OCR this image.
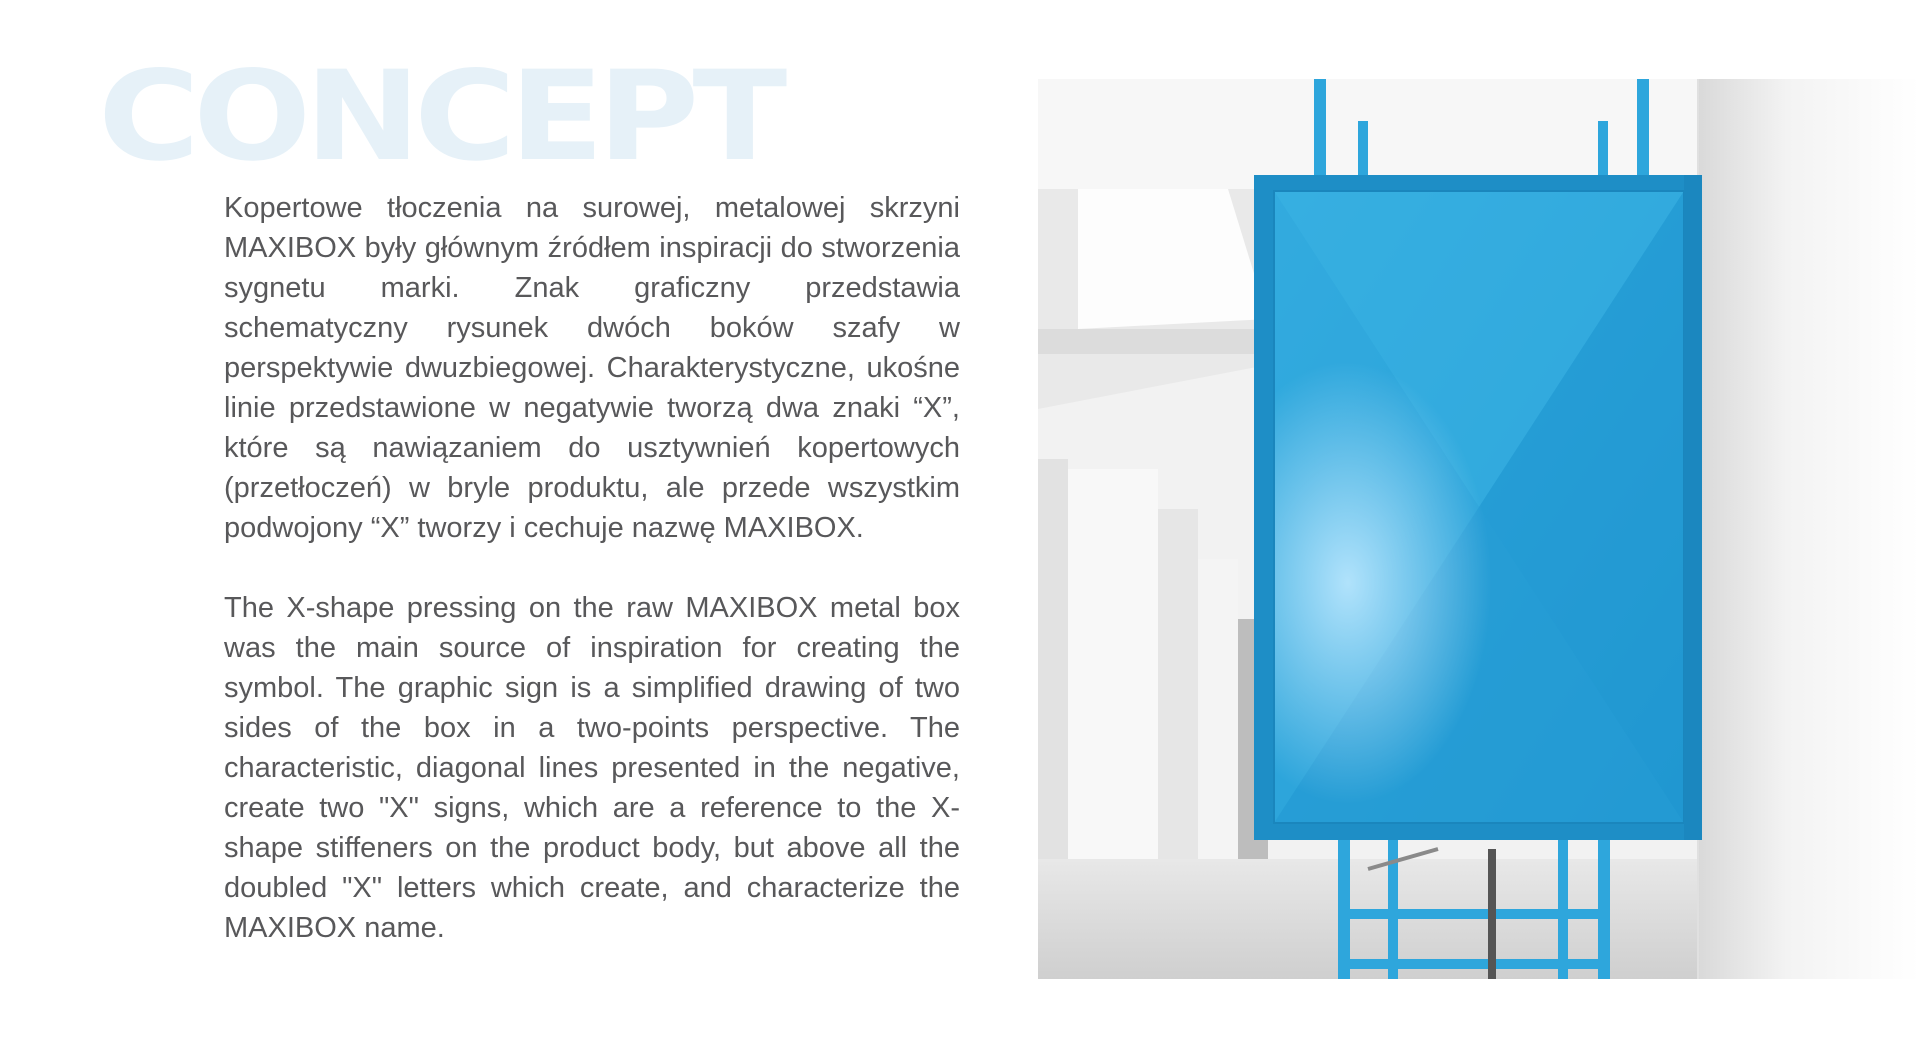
CONCEPT

Kopertowe tłoczenia na surowej, metalowej skrzyni MAXIBOX były głównym źródłem inspiracji do stworzenia sygnetu marki. Znak graficzny przedstawia schematyczny rysunek dwóch boków szafy w perspektywie dwuzbiegowej. Charakterystyczne, ukośne linie przedstawione w negatywie tworzą dwa znaki “X”, które są nawiązaniem do usztywnień kopertowych (przetłoczeń) w bryle produktu, ale przede wszystkim podwojony “X” tworzy i cechuje nazwę MAXIBOX.

The X-shape pressing on the raw MAXIBOX metal box was the main source of inspiration for creating the symbol. The graphic sign is a simplified drawing of two sides of the box in a two-points perspective. The characteristic, diagonal lines presented in the negative, create two "X" signs, which are a reference to the X-shape stiffeners on the product body, but above all the doubled "X" letters which create, and characterize the MAXIBOX name.
